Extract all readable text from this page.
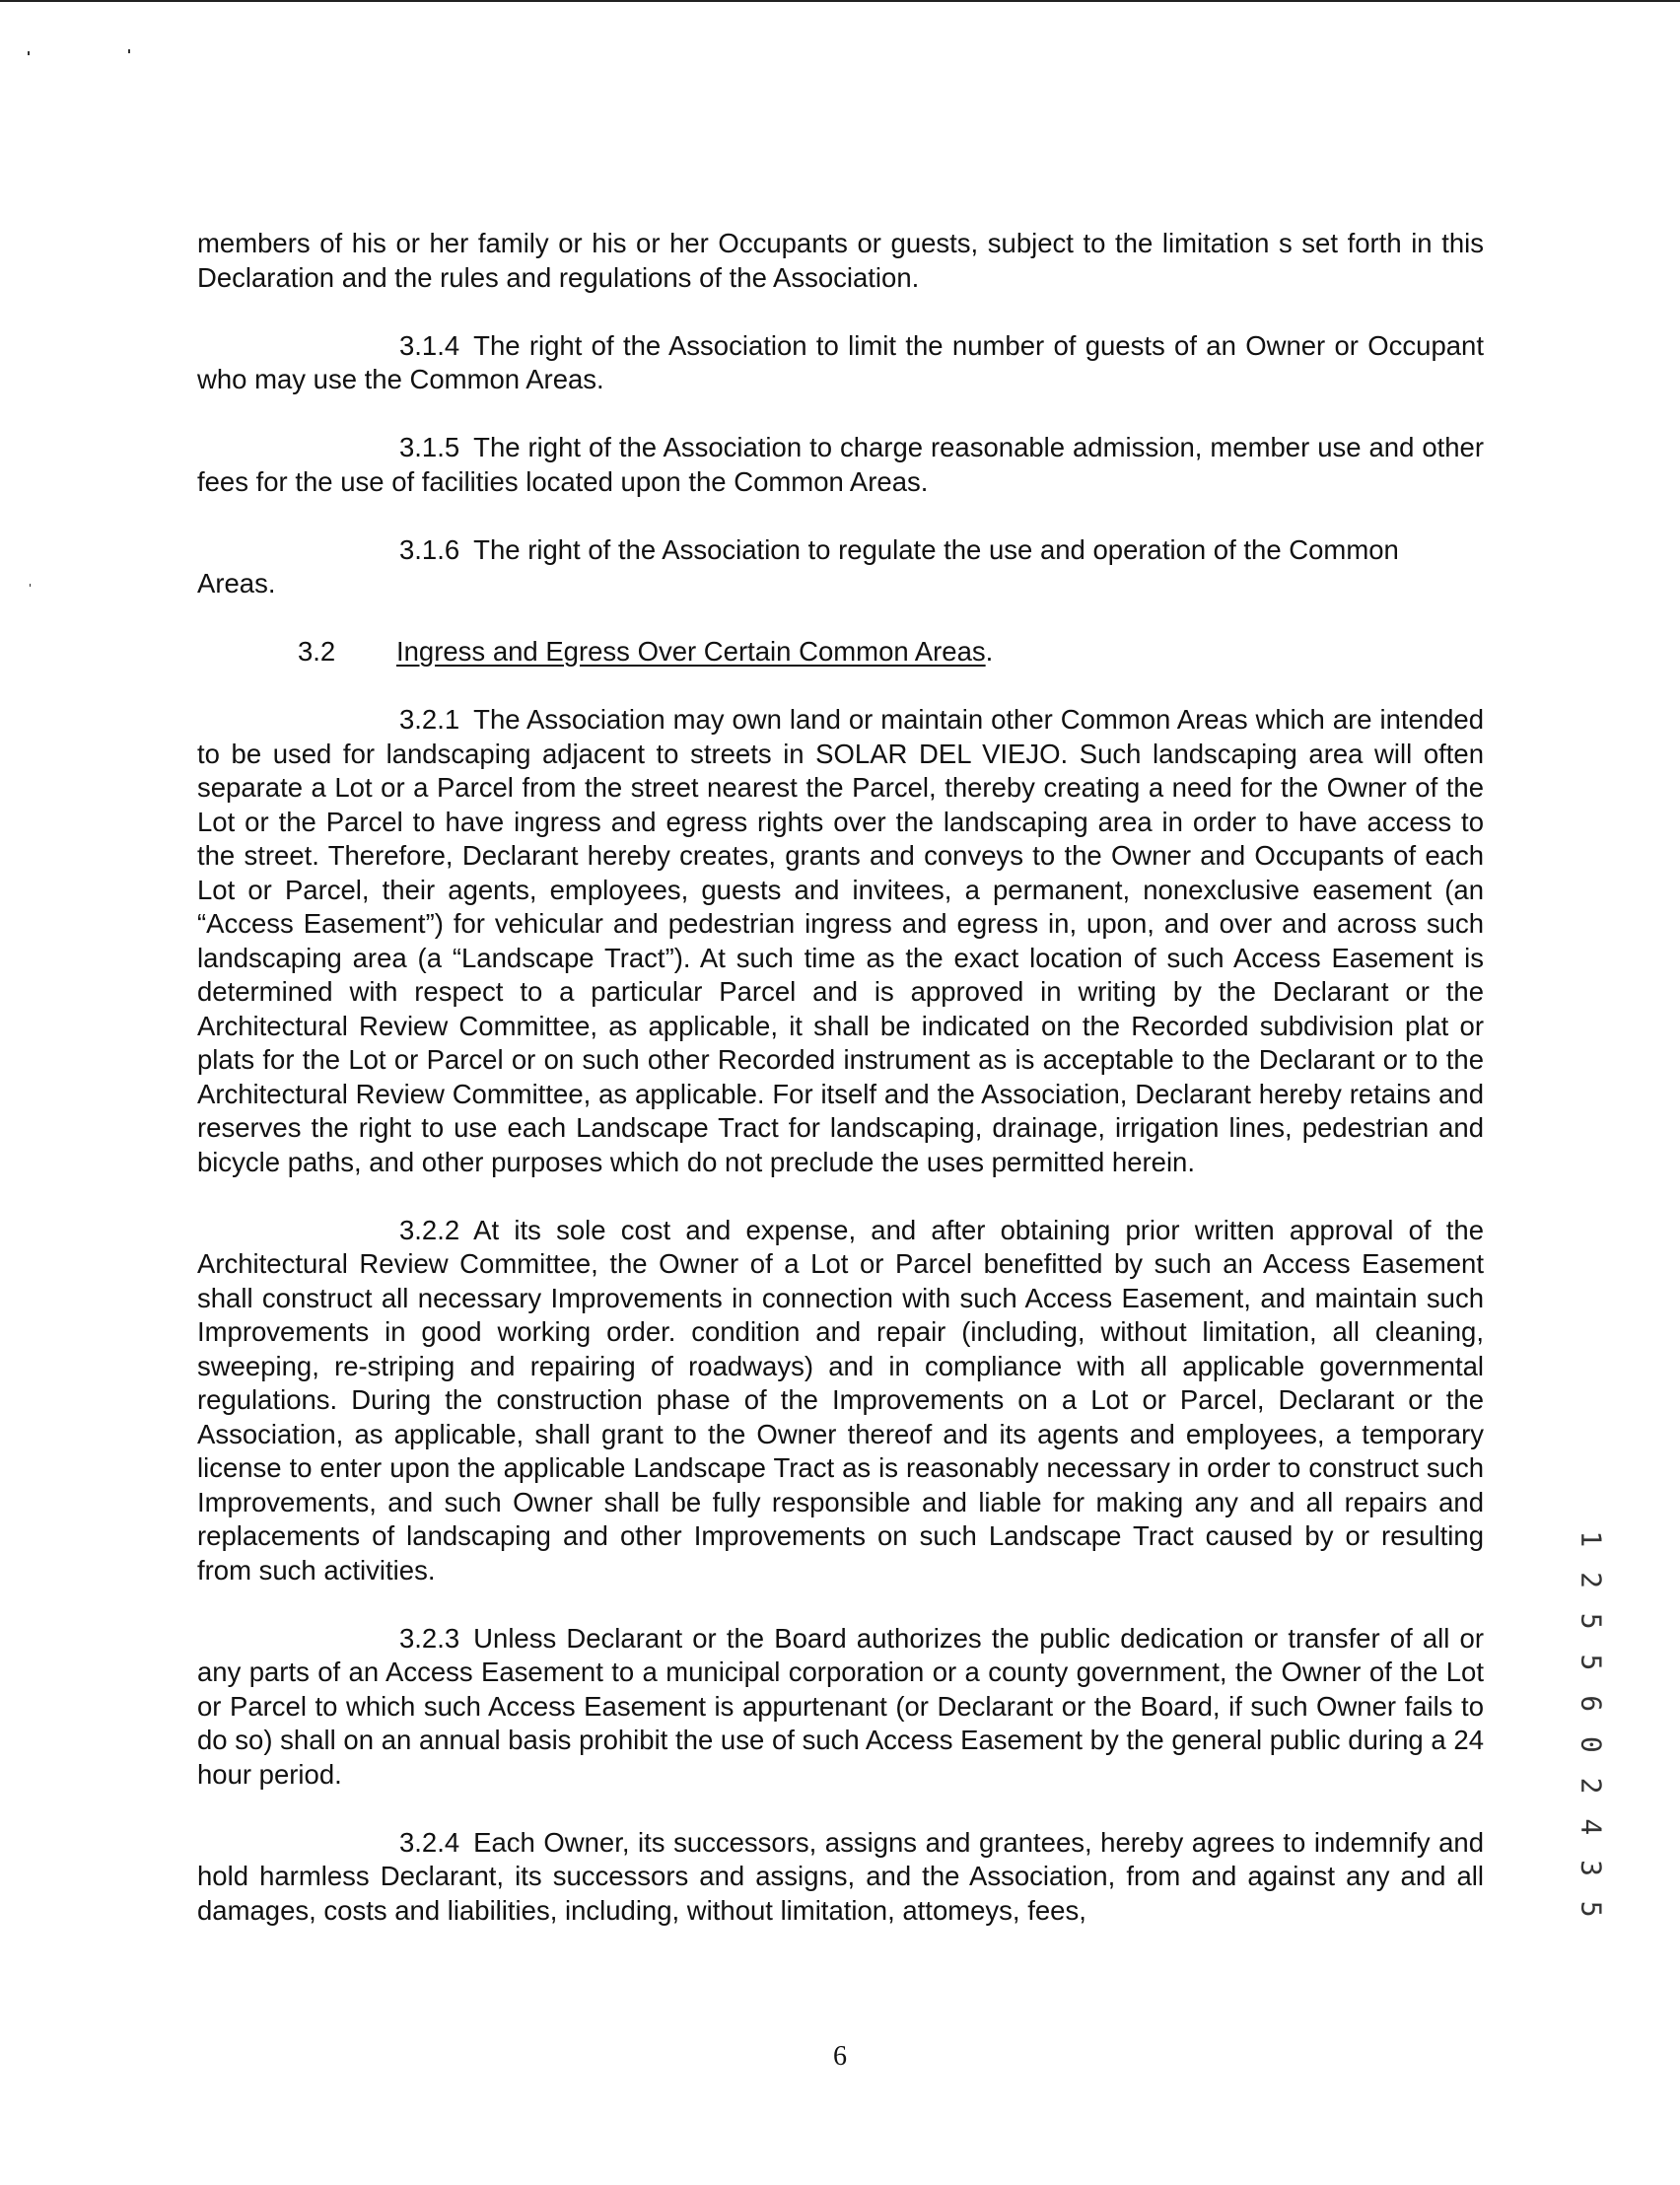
members of his or her family or his or her Occupants or guests, subject to the limitation s set forth in this Declaration and the rules and regulations of the Association.

3.1.4 The right of the Association to limit the number of guests of an Owner or Occupant who may use the Common Areas.

3.1.5 The right of the Association to charge reasonable admission, member use and other fees for the use of facilities located upon the Common Areas.

3.1.6 The right of the Association to regulate the use and operation of the Common

Areas.

3.2 Ingress and Egress Over Certain Common Areas.

3.2.1 The Association may own land or maintain other Common Areas which are intended to be used for landscaping adjacent to streets in SOLAR DEL VIEJO. Such landscaping area will often separate a Lot or a Parcel from the street nearest the Parcel, thereby creating a need for the Owner of the Lot or the Parcel to have ingress and egress rights over the landscaping area in order to have access to the street. Therefore, Declarant hereby creates, grants and conveys to the Owner and Occupants of each Lot or Parcel, their agents, employees, guests and invitees, a permanent, nonexclusive easement (an “Access Easement”) for vehicular and pedestrian ingress and egress in, upon, and over and across such landscaping area (a “Landscape Tract”). At such time as the exact location of such Access Easement is determined with respect to a particular Parcel and is approved in writing by the Declarant or the Architectural Review Committee, as applicable, it shall be indicated on the Recorded subdivision plat or plats for the Lot or Parcel or on such other Recorded instrument as is acceptable to the Declarant or to the Architectural Review Committee, as applicable. For itself and the Association, Declarant hereby retains and reserves the right to use each Landscape Tract for landscaping, drainage, irrigation lines, pedestrian and bicycle paths, and other purposes which do not preclude the uses permitted herein.

3.2.2 At its sole cost and expense, and after obtaining prior written approval of the Architectural Review Committee, the Owner of a Lot or Parcel benefitted by such an Access Easement shall construct all necessary Improvements in connection with such Access Easement, and maintain such Improvements in good working order. condition and repair (including, without limitation, all cleaning, sweeping, re-striping and repairing of roadways) and in compliance with all applicable governmental regulations. During the construction phase of the Improvements on a Lot or Parcel, Declarant or the Association, as applicable, shall grant to the Owner thereof and its agents and employees, a temporary license to enter upon the applicable Landscape Tract as is reasonably necessary in order to construct such Improvements, and such Owner shall be fully responsible and liable for making any and all repairs and replacements of landscaping and other Improvements on such Landscape Tract caused by or resulting from such activities.

3.2.3 Unless Declarant or the Board authorizes the public dedication or transfer of all or any parts of an Access Easement to a municipal corporation or a county government, the Owner of the Lot or Parcel to which such Access Easement is appurtenant (or Declarant or the Board, if such Owner fails to do so) shall on an annual basis prohibit the use of such Access Easement by the general public during a 24 hour period.

3.2.4 Each Owner, its successors, assigns and grantees, hereby agrees to indemnify and hold harmless Declarant, its successors and assigns, and the Association, from and against any and all damages, costs and liabilities, including, without limitation, attomeys, fees,	1 2 5 5 6 0 2 4 3 5
6
